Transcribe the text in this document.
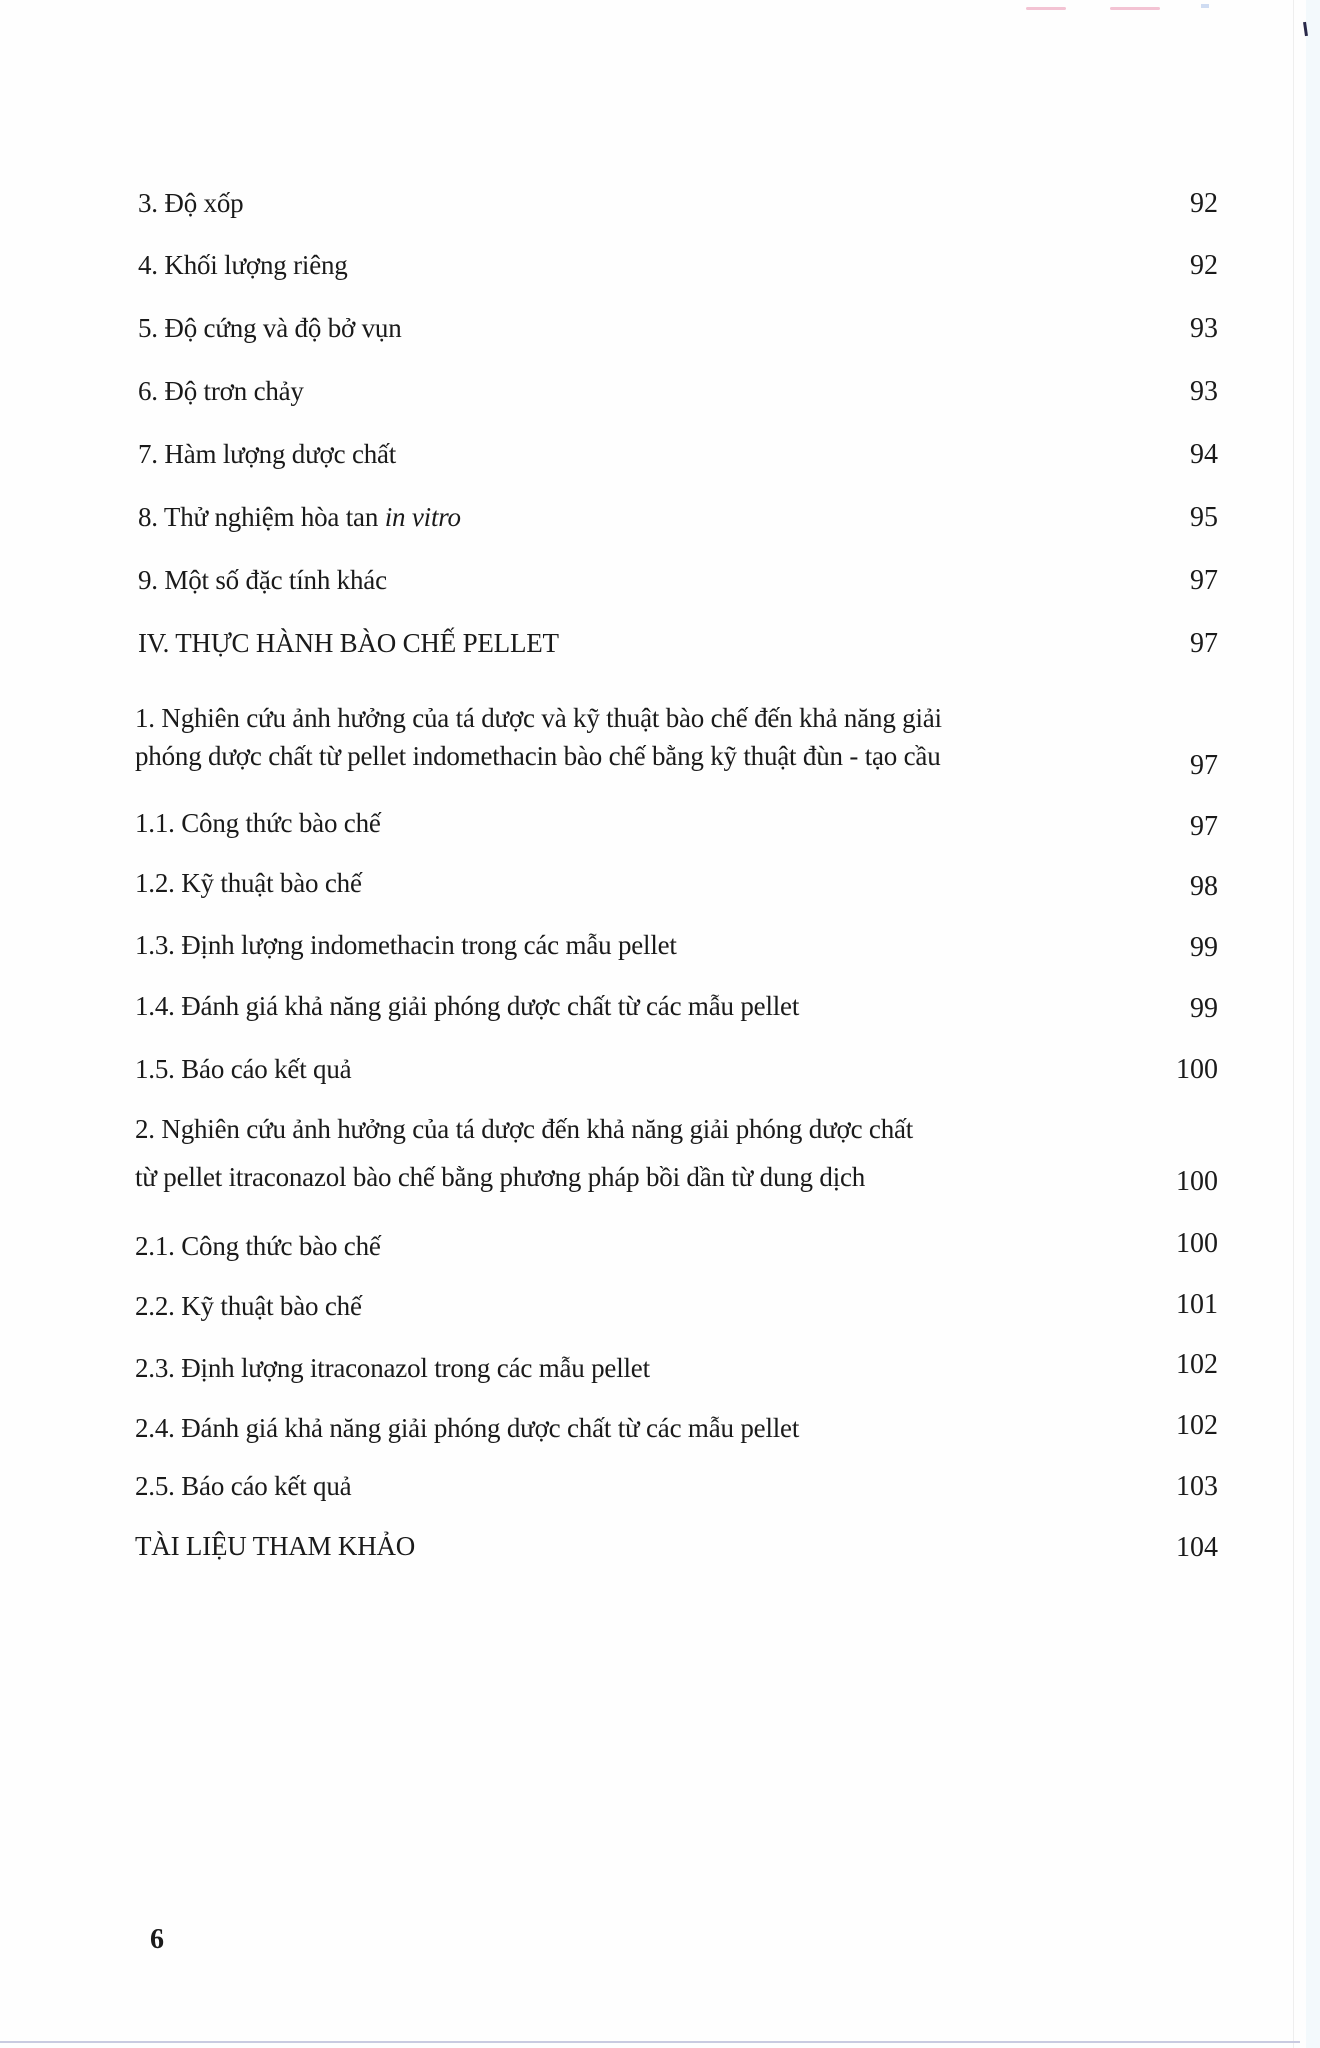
3. Độ xốp	92
4. Khối lượng riêng	92
5. Độ cứng và độ bở vụn	93
6. Độ trơn chảy	93
7. Hàm lượng dược chất	94
8. Thử nghiệm hòa tan in vitro	95
9. Một số đặc tính khác	97
IV. THỰC HÀNH BÀO CHẾ PELLET	97
1. Nghiên cứu ảnh hưởng của tá dược và kỹ thuật bào chế đến khả năng giải
phóng dược chất từ pellet indomethacin bào chế bằng kỹ thuật đùn - tạo cầu	97
1.1. Công thức bào chế	97
1.2. Kỹ thuật bào chế	98
1.3. Định lượng indomethacin trong các mẫu pellet	99
1.4. Đánh giá khả năng giải phóng dược chất từ các mẫu pellet	99
1.5. Báo cáo kết quả	100
2. Nghiên cứu ảnh hưởng của tá dược đến khả năng giải phóng dược chất
từ pellet itraconazol bào chế bằng phương pháp bồi dần từ dung dịch	100
2.1. Công thức bào chế	100
2.2. Kỹ thuật bào chế	101
2.3. Định lượng itraconazol trong các mẫu pellet	102
2.4. Đánh giá khả năng giải phóng dược chất từ các mẫu pellet	102
2.5. Báo cáo kết quả	103
TÀI LIỆU THAM KHẢO	104
6
